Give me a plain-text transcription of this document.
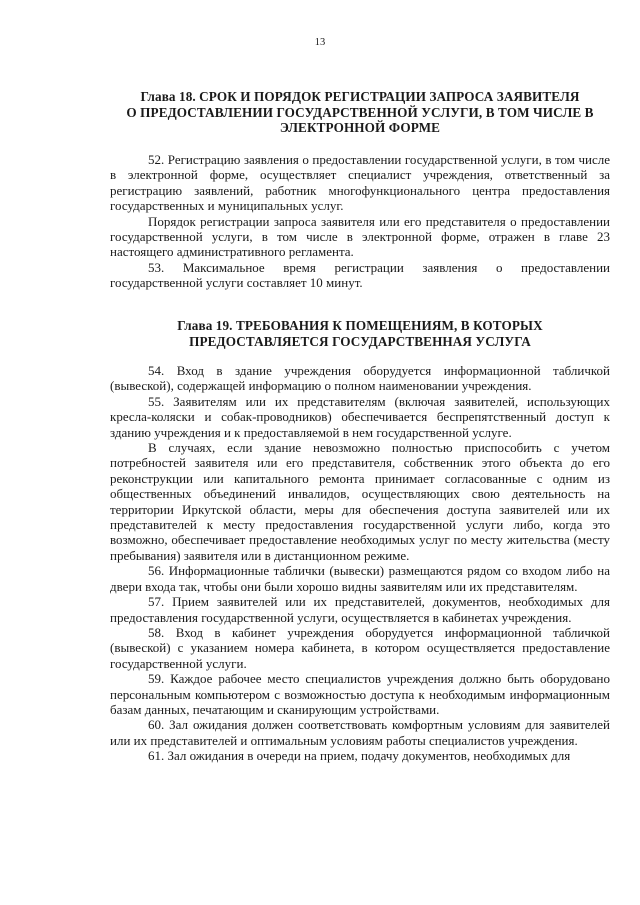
13
Глава 18. СРОК И ПОРЯДОК РЕГИСТРАЦИИ ЗАПРОСА ЗАЯВИТЕЛЯ
О ПРЕДОСТАВЛЕНИИ ГОСУДАРСТВЕННОЙ УСЛУГИ, В ТОМ ЧИСЛЕ В
ЭЛЕКТРОННОЙ ФОРМЕ

52. Регистрацию заявления о предоставлении государственной услуги, в том числе в электронной форме, осуществляет специалист учреждения, ответственный за регистрацию заявлений, работник многофункционального центра предоставления государственных и муниципальных услуг.

Порядок регистрации запроса заявителя или его представителя о предоставлении государственной услуги, в том числе в электронной форме, отражен в главе 23 настоящего административного регламента.

53. Максимальное время регистрации заявления о предоставлении государственной услуги составляет 10 минут.

Глава 19. ТРЕБОВАНИЯ К ПОМЕЩЕНИЯМ, В КОТОРЫХ
ПРЕДОСТАВЛЯЕТСЯ ГОСУДАРСТВЕННАЯ УСЛУГА

54. Вход в здание учреждения оборудуется информационной табличкой (вывеской), содержащей информацию о полном наименовании учреждения.

55. Заявителям или их представителям (включая заявителей, использующих кресла-коляски и собак-проводников) обеспечивается беспрепятственный доступ к зданию учреждения и к предоставляемой в нем государственной услуге.

В случаях, если здание невозможно полностью приспособить с учетом потребностей заявителя или его представителя, собственник этого объекта до его реконструкции или капитального ремонта принимает согласованные с одним из общественных объединений инвалидов, осуществляющих свою деятельность на территории Иркутской области, меры для обеспечения доступа заявителей или их представителей к месту предоставления государственной услуги либо, когда это возможно, обеспечивает предоставление необходимых услуг по месту жительства (месту пребывания) заявителя или в дистанционном режиме.

56. Информационные таблички (вывески) размещаются рядом со входом либо на двери входа так, чтобы они были хорошо видны заявителям или их представителям.

57. Прием заявителей или их представителей, документов, необходимых для предоставления государственной услуги, осуществляется в кабинетах учреждения.

58. Вход в кабинет учреждения оборудуется информационной табличкой (вывеской) с указанием номера кабинета, в котором осуществляется предоставление государственной услуги.

59. Каждое рабочее место специалистов учреждения должно быть оборудовано персональным компьютером с возможностью доступа к необходимым информационным базам данных, печатающим и сканирующим устройствами.

60. Зал ожидания должен соответствовать комфортным условиям для заявителей или их представителей и оптимальным условиям работы специалистов учреждения.

61. Зал ожидания в очереди на прием, подачу документов, необходимых для
